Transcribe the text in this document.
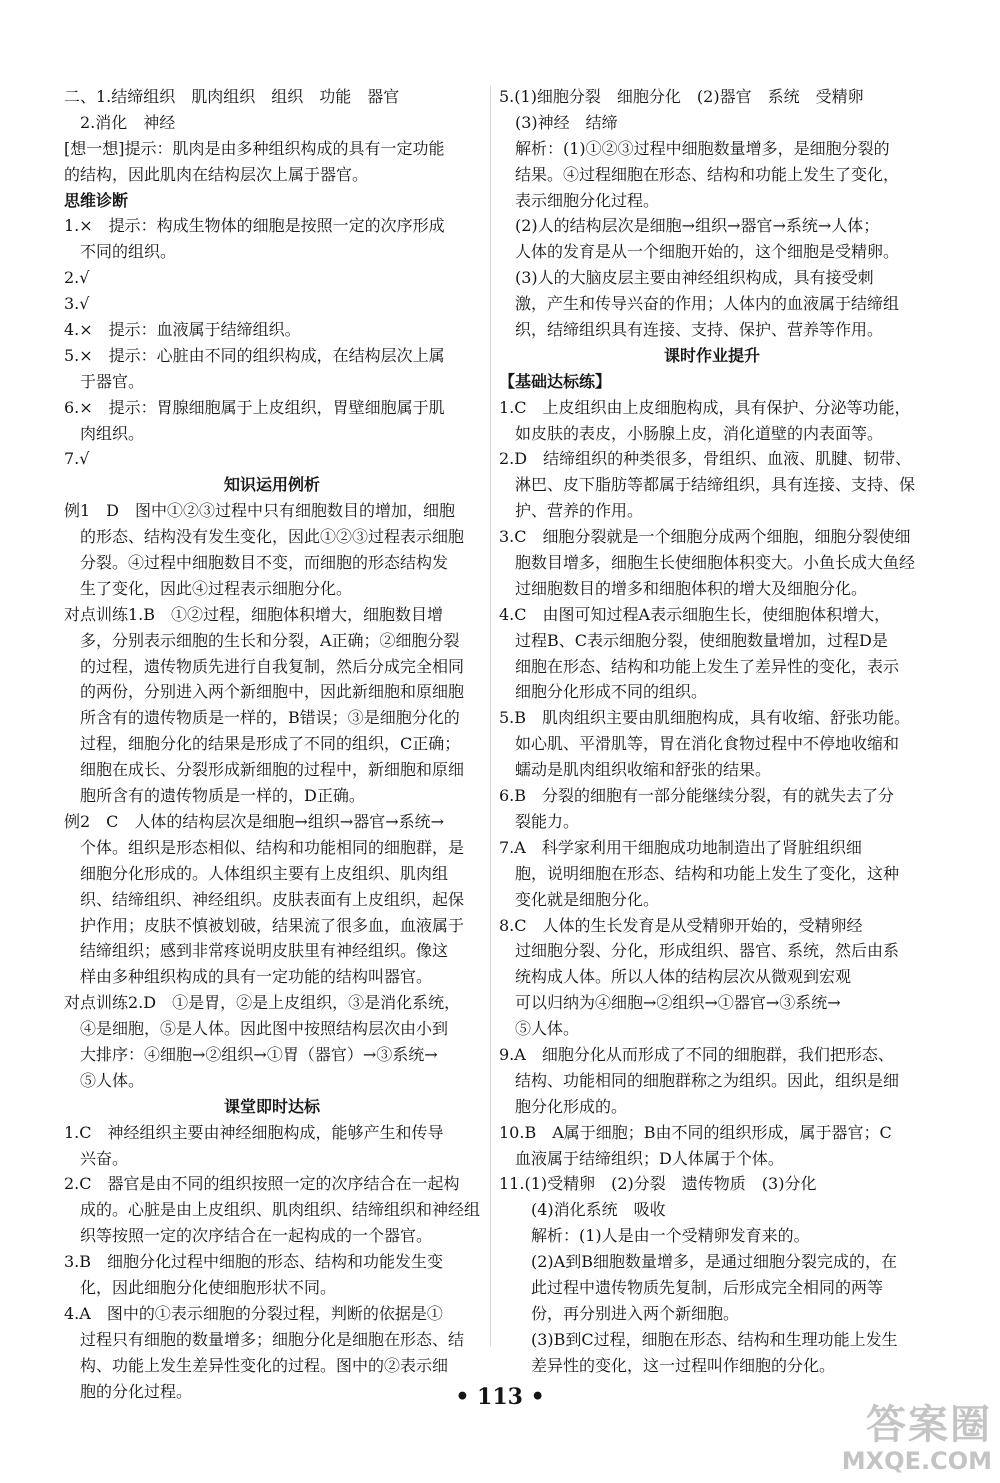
二、1.结缔组织　肌肉组织　组织　功能　器官
2.消化　神经
[想一想]提示：肌肉是由多种组织构成的具有一定功能
的结构，因此肌肉在结构层次上属于器官。
思维诊断
1.×　提示：构成生物体的细胞是按照一定的次序形成
不同的组织。
2.√
3.√
4.×　提示：血液属于结缔组织。
5.×　提示：心脏由不同的组织构成，在结构层次上属
于器官。
6.×　提示：胃腺细胞属于上皮组织，胃壁细胞属于肌
肉组织。
7.√
知识运用例析
例1　D　图中①②③过程中只有细胞数目的增加，细胞
的形态、结构没有发生变化，因此①②③过程表示细胞
分裂。④过程中细胞数目不变，而细胞的形态结构发
生了变化，因此④过程表示细胞分化。
对点训练1.B　①②过程，细胞体积增大，细胞数目增
多，分别表示细胞的生长和分裂，A正确；②细胞分裂
的过程，遗传物质先进行自我复制，然后分成完全相同
的两份，分别进入两个新细胞中，因此新细胞和原细胞
所含有的遗传物质是一样的，B错误；③是细胞分化的
过程，细胞分化的结果是形成了不同的组织，C正确；
细胞在成长、分裂形成新细胞的过程中，新细胞和原细
胞所含有的遗传物质是一样的，D正确。
例2　C　人体的结构层次是细胞→组织→器官→系统→
个体。组织是形态相似、结构和功能相同的细胞群，是
细胞分化形成的。人体组织主要有上皮组织、肌肉组
织、结缔组织、神经组织。皮肤表面有上皮组织，起保
护作用；皮肤不慎被划破，结果流了很多血，血液属于
结缔组织；感到非常疼说明皮肤里有神经组织。像这
样由多种组织构成的具有一定功能的结构叫器官。
对点训练2.D　①是胃，②是上皮组织，③是消化系统，
④是细胞，⑤是人体。因此图中按照结构层次由小到
大排序：④细胞→②组织→①胃（器官）→③系统→
⑤人体。
课堂即时达标
1.C　神经组织主要由神经细胞构成，能够产生和传导
兴奋。
2.C　器官是由不同的组织按照一定的次序结合在一起构
成的。心脏是由上皮组织、肌肉组织、结缔组织和神经组
织等按照一定的次序结合在一起构成的一个器官。
3.B　细胞分化过程中细胞的形态、结构和功能发生变
化，因此细胞分化使细胞形状不同。
4.A　图中的①表示细胞的分裂过程，判断的依据是①
过程只有细胞的数量增多；细胞分化是细胞在形态、结
构、功能上发生差异性变化的过程。图中的②表示细
胞的分化过程。
5.(1)细胞分裂　细胞分化　(2)器官　系统　受精卵
(3)神经　结缔
解析：(1)①②③过程中细胞数量增多，是细胞分裂的
结果。④过程细胞在形态、结构和功能上发生了变化，
表示细胞分化过程。
(2)人的结构层次是细胞→组织→器官→系统→人体；
人体的发育是从一个细胞开始的，这个细胞是受精卵。
(3)人的大脑皮层主要由神经组织构成，具有接受刺
激，产生和传导兴奋的作用；人体内的血液属于结缔组
织，结缔组织具有连接、支持、保护、营养等作用。
课时作业提升
【基础达标练】
1.C　上皮组织由上皮细胞构成，具有保护、分泌等功能，
如皮肤的表皮，小肠腺上皮，消化道壁的内表面等。
2.D　结缔组织的种类很多，骨组织、血液、肌腱、韧带、
淋巴、皮下脂肪等都属于结缔组织，具有连接、支持、保
护、营养的作用。
3.C　细胞分裂就是一个细胞分成两个细胞，细胞分裂使细
胞数目增多，细胞生长使细胞体积变大。小鱼长成大鱼经
过细胞数目的增多和细胞体积的增大及细胞分化。
4.C　由图可知过程A表示细胞生长，使细胞体积增大，
过程B、C表示细胞分裂，使细胞数量增加，过程D是
细胞在形态、结构和功能上发生了差异性的变化，表示
细胞分化形成不同的组织。
5.B　肌肉组织主要由肌细胞构成，具有收缩、舒张功能。
如心肌、平滑肌等，胃在消化食物过程中不停地收缩和
蠕动是肌肉组织收缩和舒张的结果。
6.B　分裂的细胞有一部分能继续分裂，有的就失去了分
裂能力。
7.A　科学家利用干细胞成功地制造出了肾脏组织细
胞，说明细胞在形态、结构和功能上发生了变化，这种
变化就是细胞分化。
8.C　人体的生长发育是从受精卵开始的，受精卵经
过细胞分裂、分化，形成组织、器官、系统，然后由系
统构成人体。所以人体的结构层次从微观到宏观
可以归纳为④细胞→②组织→①器官→③系统→
⑤人体。
9.A　细胞分化从而形成了不同的细胞群，我们把形态、
结构、功能相同的细胞群称之为组织。因此，组织是细
胞分化形成的。
10.B　A属于细胞；B由不同的组织形成，属于器官；C
血液属于结缔组织；D人体属于个体。
11.(1)受精卵　(2)分裂　遗传物质　(3)分化
(4)消化系统　吸收
解析：(1)人是由一个受精卵发育来的。
(2)A到B细胞数量增多，是通过细胞分裂完成的，在
此过程中遗传物质先复制，后形成完全相同的两等
份，再分别进入两个新细胞。
(3)B到C过程，细胞在形态、结构和生理功能上发生
差异性的变化，这一过程叫作细胞的分化。
• 113 •
答案圈
MXQE.COM
